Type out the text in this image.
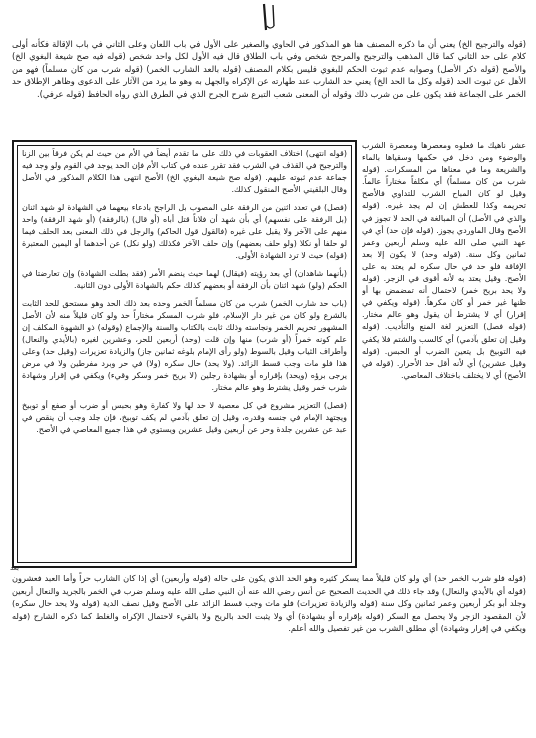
(قوله والترجيح الخ) يعني أن ما ذكره المصنف هنا هو المذكور في الحاوي والصغير على الأول في باب اللعان وعلى الثاني في باب الإقالة فكأنه أولى كلام على حد الثاني كما قال المذهب والترجيح والمرجح شخص وفي باب الطلاق قال فيه الأول لكل واحد شخص (قوله فيه صح شيعة البغوي الخ) والأصح (قوله ذكر الأصل) وصوابه عدم ثبوت الحكم للبغوي فليس بكلام المصنف (قوله بالعد الشارب الخمر) (قوله شرب من كان مسلماً) فهو من الأهل عن ثبوت الحد (قوله وكل ما الحد الخ) يعني حد الشارب عند طهارته عن الإكراه والجهل به وهو ما يرد من الآثار على الدعوى وظاهر الإطلاق حد الخمر على الجماعة فقد يكون على من شرب ذلك وقوله أن المعنى شعب التبرع شرح الجرح الذي في الطرق الذي رواه الحافظ (قوله عرفي).

(قوله انتهى) اختلاف العقوبات في ذلك على ما تقدم أيضاً في الأم من حيث لم يكن فرقاً بين الزنا والترجيح في القذف في الشرب فقد تقرر عنده في كتاب الأم فإن الحد يوجد في القوم ولو وجد فيه جماعة عدم ثبوته عليهم. (قوله صح شيعة البغوي الخ) الأصح انتهى هذا الكلام المذكور في الأصل وقال البلقيني الأصح المنقول كذلك.

(فصل) في تعدد اثنين من الرفقة على المصوب بل الراجح بادعاء بيعهما في الشهادة لو شهد اثنان (بل الرفقة على نفسهم) أي بأن شهد أن فلاناً قتل أباه (أو قال) (بالرفقة) (أو شهد الرفقة) واحد منهم على الآخر ولا يقبل على غيره (فالقول قول الحاكم) والرجل في ذلك المعنى بعد الحلف فيما لو حلفا أو نكلا (ولو حلف بعضهم) وإن حلف الآخر فكذلك (ولو نكل) عن أحدهما أو اليمين المعتبرة (قوله) حيث لا ترد الشهادة الأولى.

(بأنهما شاهدان) أي بعد رؤيته (فيقال) لهما حيث ينضم الأمر (فقد بطلت الشهادة) وإن تعارضتا في الحكم (ولو) شهد اثنان بأن الرفقة أو بعضهم كذلك حكم بالشهادة الأولى دون الثانية.

(باب حد شارب الخمر) شرب من كان مسلماً الخمر وحده بعد ذلك الحد وهو مستحق للحد الثابت بالشرع ولو كان من غير دار الإسلام، فلو شرب المسكر مختاراً حد ولو كان قليلاً منه لأن الأصل المشهور تحريم الخمر ونجاسته وذلك ثابت بالكتاب والسنة والإجماع (وقوله) ذو الشهوة المكلف إن علم كونه خمراً (أو شرب) منها وإن قلت (وحد) أربعين للحر، وعشرين لغيره (بالأيدي والنعال) وأطراف الثياب وقيل بالسوط (ولو رأى الإمام بلوغه ثمانين جاز) والزيادة تعزيرات (وقيل حد) وعلى هذا فلو مات وجب قسط الزائد. (ولا يحد) حال سكره (ولا) في حر وبرد مفرطين ولا في مرض يرجى برؤه (ويحد) بإقراره أو بشهادة رجلين (لا بريح خمر وسكر وقيء) ويكفي في إقرار وشهادة شرب خمر وقيل يشترط وهو عالم مختار.

(فصل) التعزير مشروع في كل معصية لا حد لها ولا كفارة وهو بحبس أو ضرب أو صفع أو توبيخ ويجتهد الإمام في جنسه وقدره، وقيل إن تعلق بآدمي لم يكف توبيخ، فإن جلد وجب أن ينقص في عبد عن عشرين جلدة وحر عن أربعين وقيل عشرين ويستوي في هذا جميع المعاصي في الأصح.

عشر ناهيك ما فعلوه ومعصرها ومعصرة الشرب والوضوء ومن دخل في حكمها وسقياها بالماء والشريعة وما في معناها من المسكرات. (قوله شرب من كان مسلماً) أي مكلفاً مختاراً عالماً. وقيل لو كان المباح الشرب للتداوي فالأصح تحريمه وكذا للعطش إن لم يجد غيره. (قوله والذي في الأصل) أن المبالغة في الحد لا تجوز في الأصح وقال الماوردي يجوز. (قوله فإن حد) أي في عهد النبي صلى الله عليه وسلم أربعين وعمر ثمانين وكل سنة. (قوله وحد) لا يكون إلا بعد الإفاقة فلو حد في حال سكره لم يعتد به على الأصح. وقيل يعتد به لأنه أقوى في الزجر. (قوله ولا يحد بريح خمر) لاحتمال أنه تمضمض بها أو ظنها غير خمر أو كان مكرهاً. (قوله ويكفي في إقرار) أي لا يشترط أن يقول وهو عالم مختار. (قوله فصل) التعزير لغة المنع والتأديب. (قوله وقيل إن تعلق بآدمي) أي كالسب والشتم فلا يكفي فيه التوبيخ بل يتعين الضرب أو الحبس. (قوله وقيل عشرين) أي لأنه أقل حد الأحرار. (قوله في الأصح) أي لا يختلف باختلاف المعاصي.
(قوله فلو شرب الخمر حد) أي ولو كان قليلاً مما يسكر كثيره وهو الحد الذي يكون على حاله (قوله وأربعين) أي إذا كان الشارب حراً وأما العبد فعشرون (قوله أي بالأيدي والنعال) وقد جاء ذلك في الحديث الصحيح عن أنس رضي الله عنه أن النبي صلى الله عليه وسلم ضرب في الخمر بالجريد والنعال أربعين وجلد أبو بكر أربعين وعمر ثمانين وكل سنة (قوله والزيادة تعزيرات) فلو مات وجب قسط الزائد على الأصح وقيل نصف الدية (قوله ولا يحد حال سكره) لأن المقصود الزجر ولا يحصل مع السكر (قوله بإقراره أو بشهادة) أي ولا يثبت الحد بالريح ولا بالقيء لاحتمال الإكراه والغلط كما ذكره الشارح (قوله ويكفي في إقرار وشهادة) أي مطلق الشرب من غير تفصيل والله أعلم.
بعد
